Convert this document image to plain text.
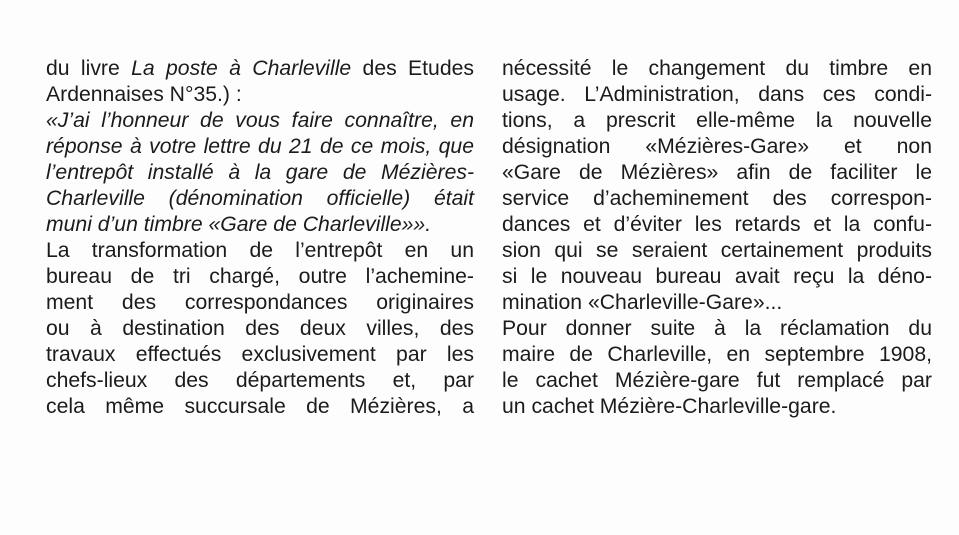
du livre La poste à Charleville des Etudes
Ardennaises N°35.) :
«J’ai l’honneur de vous faire connaître, en
réponse à votre lettre du 21 de ce mois, que
l’entrepôt installé à la gare de Mézières-
Charleville (dénomination officielle) était
muni d’un timbre «Gare de Charleville»».
La transformation de l’entrepôt en un
bureau de tri chargé, outre l’achemine-
ment des correspondances originaires
ou à destination des deux villes, des
travaux effectués exclusivement par les
chefs-lieux des départements et, par
cela même succursale de Mézières, a
nécessité le changement du timbre en
usage. L’Administration, dans ces condi-
tions, a prescrit elle-même la nouvelle
désignation «Mézières-Gare» et non
«Gare de Mézières» afin de faciliter le
service d’acheminement des correspon-
dances et d’éviter les retards et la confu-
sion qui se seraient certainement produits
si le nouveau bureau avait reçu la déno-
mination «Charleville-Gare»...
Pour donner suite à la réclamation du
maire de Charleville, en septembre 1908,
le cachet Mézière-gare fut remplacé par
un cachet Mézière-Charleville-gare.
